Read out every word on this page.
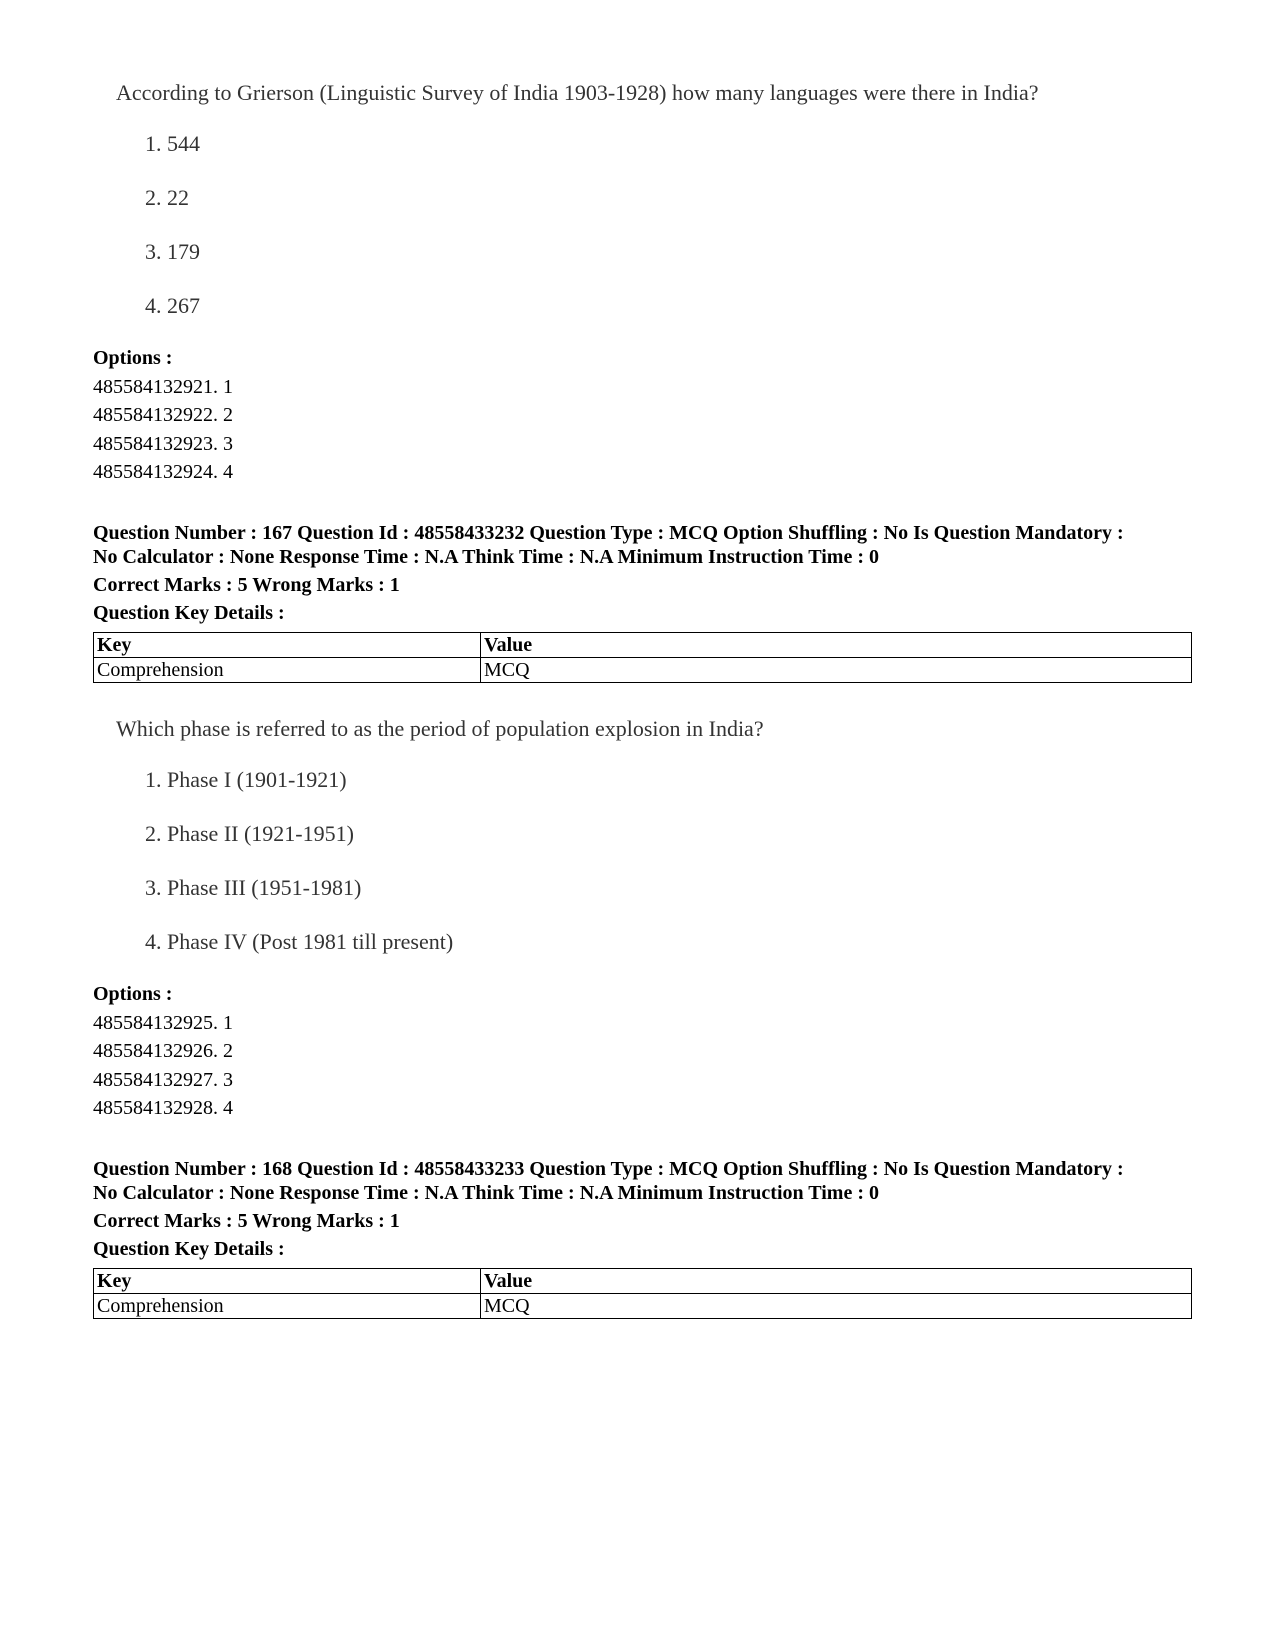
According to Grierson (Linguistic Survey of India 1903-1928) how many languages were there in India?
1. 544
2. 22
3. 179
4. 267
Options :
485584132921. 1
485584132922. 2
485584132923. 3
485584132924. 4
Question Number : 167 Question Id : 48558433232 Question Type : MCQ Option Shuffling : No Is Question Mandatory :
No Calculator : None Response Time : N.A Think Time : N.A Minimum Instruction Time : 0
Correct Marks : 5 Wrong Marks : 1
Question Key Details :
Key	Value
Comprehension	MCQ
Which phase is referred to as the period of population explosion in India?
1. Phase I (1901-1921)
2. Phase II (1921-1951)
3. Phase III (1951-1981)
4. Phase IV (Post 1981 till present)
Options :
485584132925. 1
485584132926. 2
485584132927. 3
485584132928. 4
Question Number : 168 Question Id : 48558433233 Question Type : MCQ Option Shuffling : No Is Question Mandatory :
No Calculator : None Response Time : N.A Think Time : N.A Minimum Instruction Time : 0
Correct Marks : 5 Wrong Marks : 1
Question Key Details :
Key	Value
Comprehension	MCQ
